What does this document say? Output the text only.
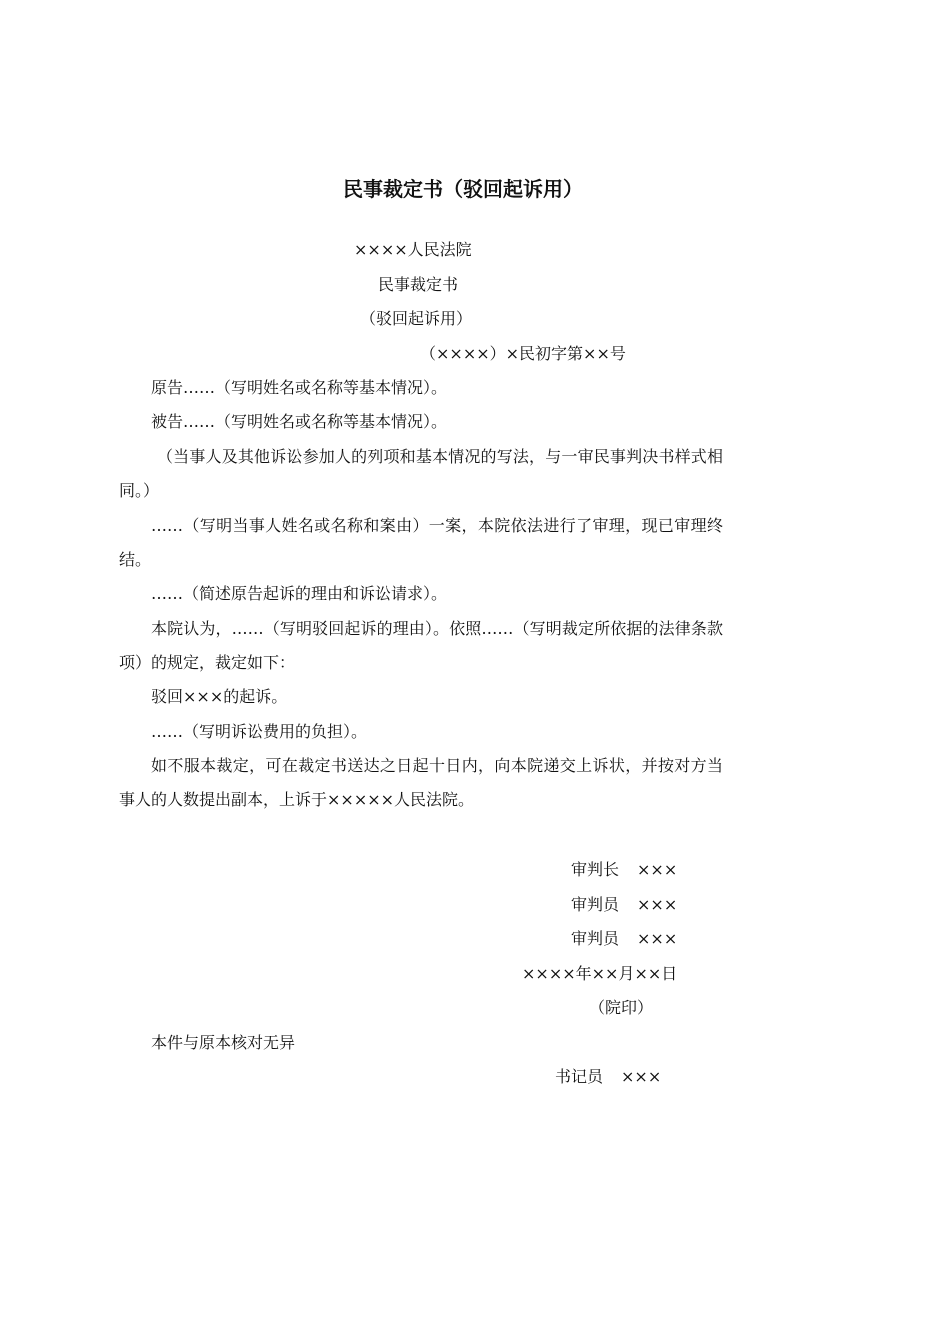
民事裁定书（驳回起诉用）
××××人民法院
民事裁定书
（驳回起诉用）
（××××）×民初字第××号

原告……（写明姓名或名称等基本情况）。

被告……（写明姓名或名称等基本情况）。

（当事人及其他诉讼参加人的列项和基本情况的写法，与一审民事判决书样式相同。）

……（写明当事人姓名或名称和案由）一案，本院依法进行了审理，现已审理终结。

……（简述原告起诉的理由和诉讼请求）。

本院认为，……（写明驳回起诉的理由）。依照……（写明裁定所依据的法律条款项）的规定，裁定如下：

驳回×××的起诉。

……（写明诉讼费用的负担）。

如不服本裁定，可在裁定书送达之日起十日内，向本院递交上诉状，并按对方当事人的人数提出副本，上诉于×××××人民法院。

审判长 ×××
审判员 ×××
审判员 ×××
××××年××月××日
（院印）
本件与原本核对无异
书记员 ×××
